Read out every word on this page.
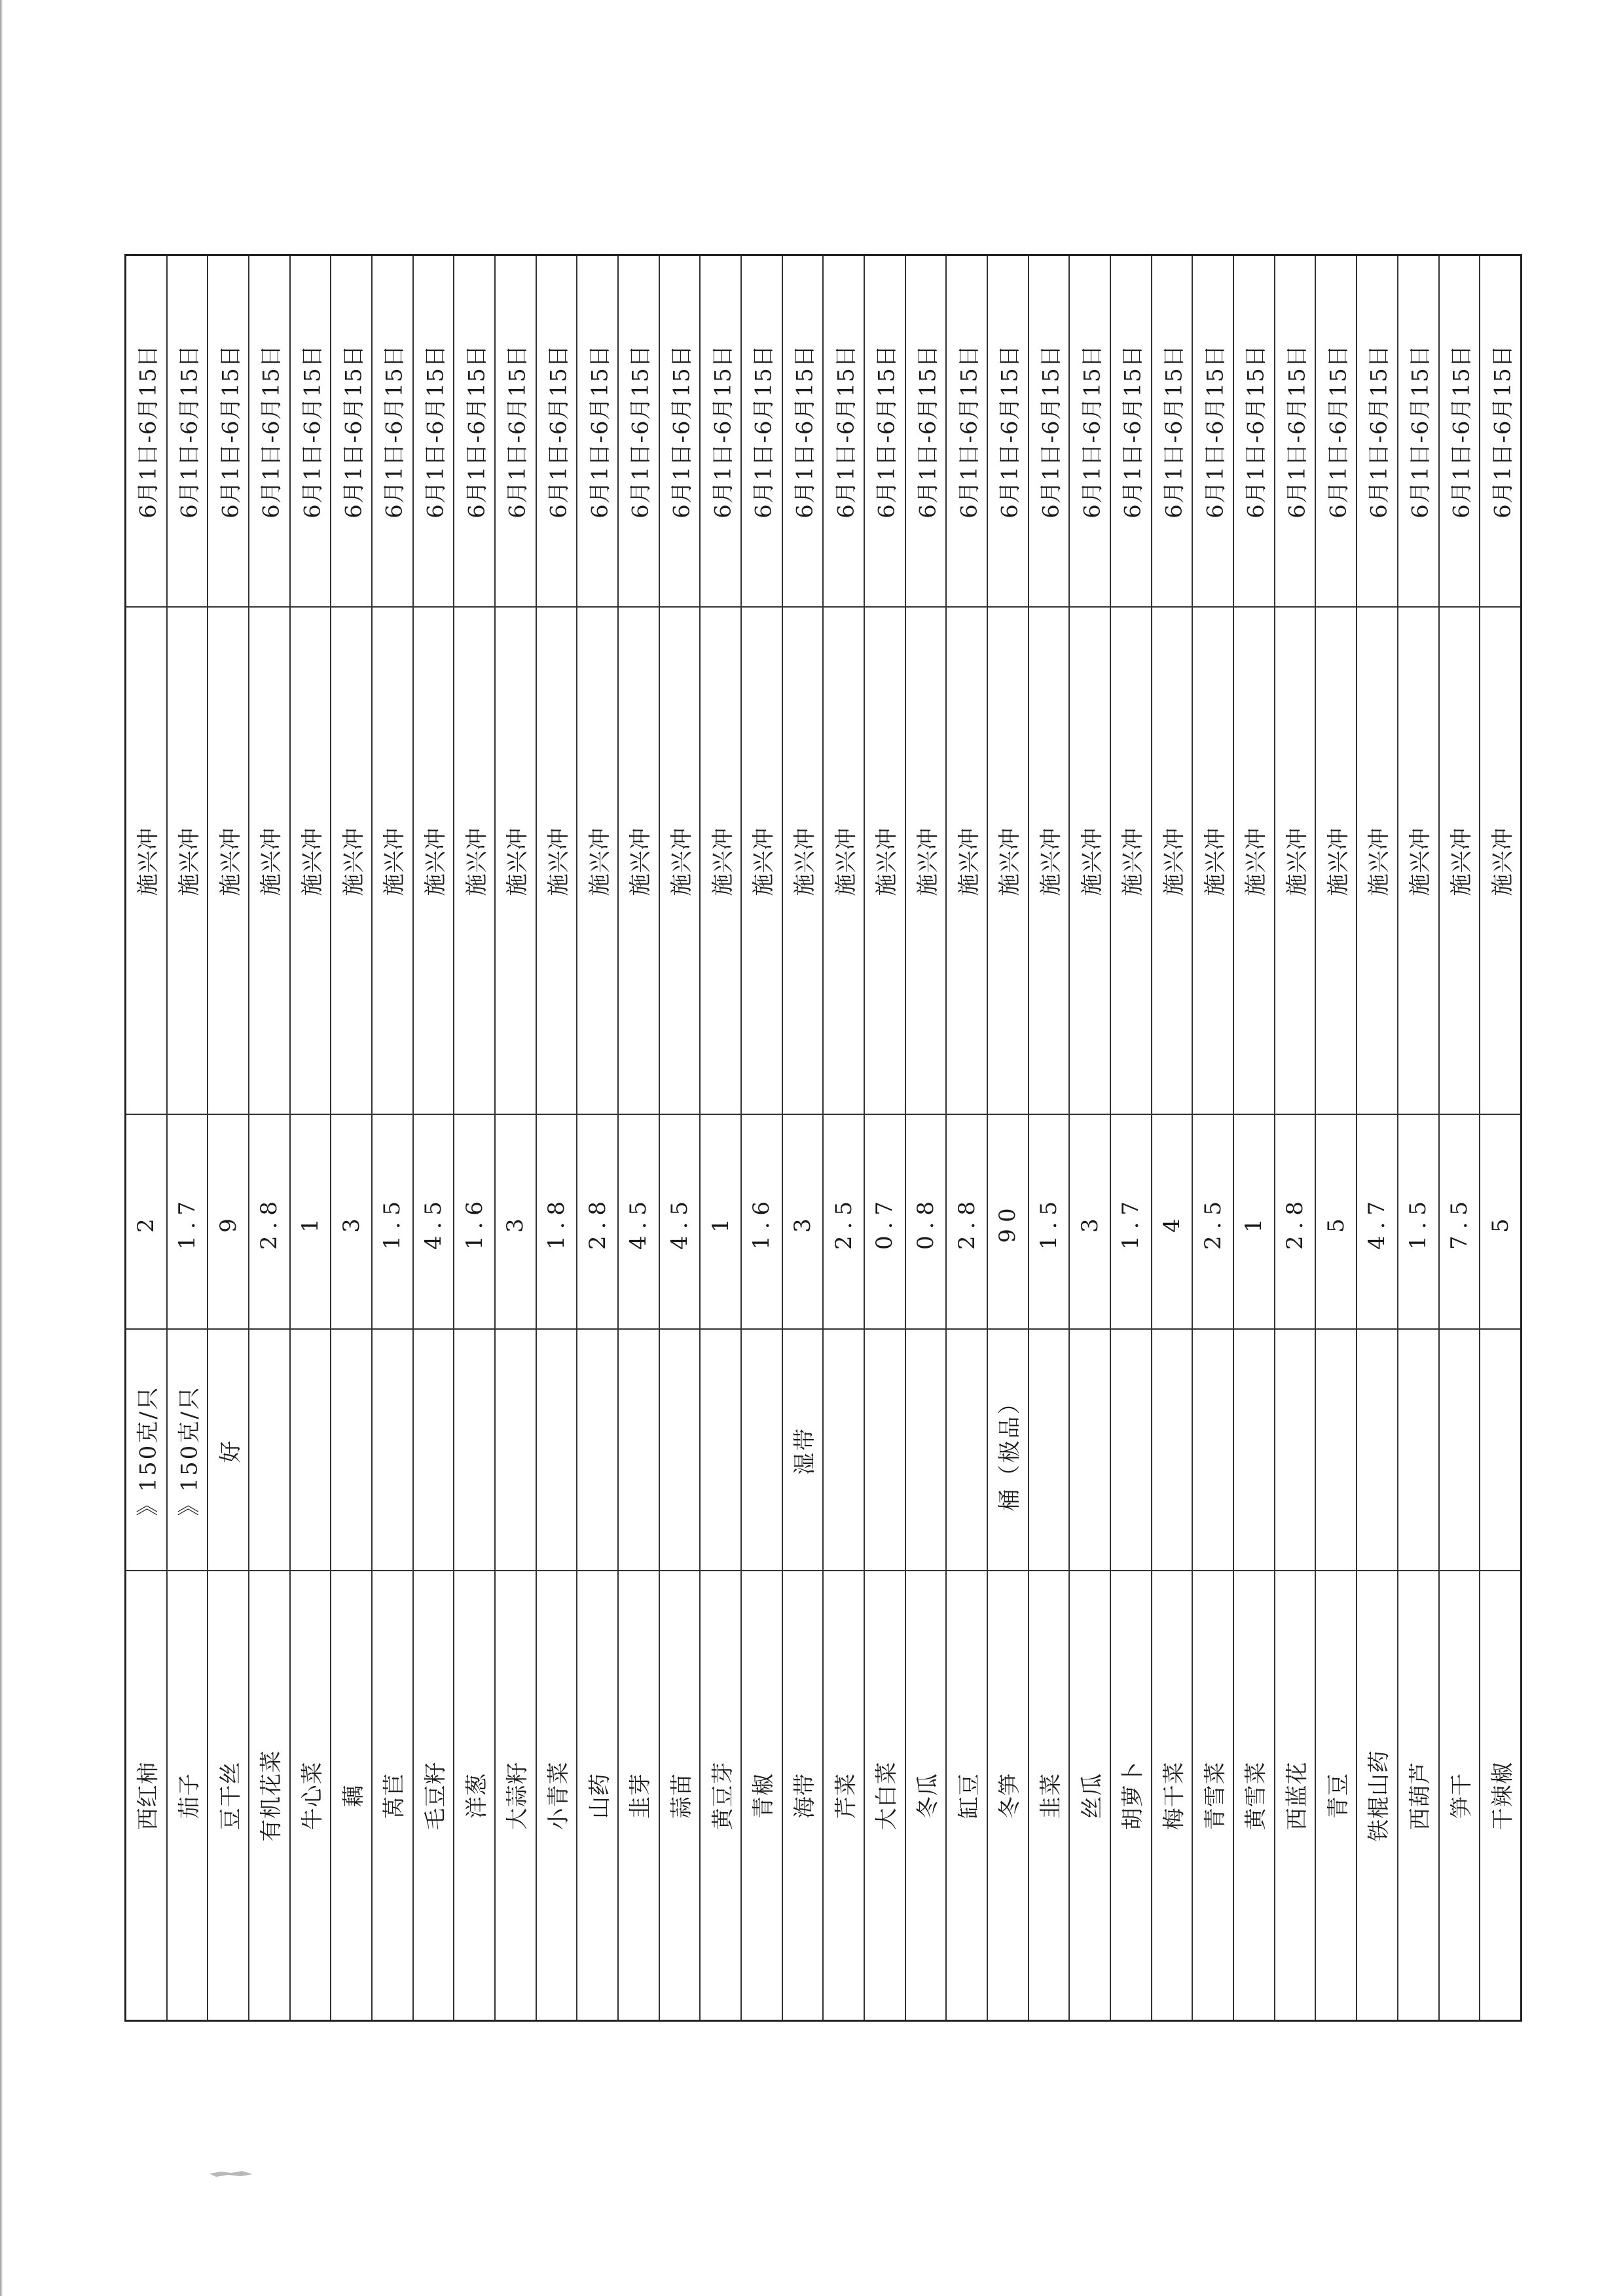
6月1日-6月15日
施兴冲
2
》150克/只
西红柿
6月1日-6月15日
施兴冲
1.7
》150克/只
茄子
6月1日-6月15日
施兴冲
9
好
豆干丝
6月1日-6月15日
施兴冲
2.8
有机花菜
6月1日-6月15日
施兴冲
1
牛心菜
6月1日-6月15日
施兴冲
3
藕
6月1日-6月15日
施兴冲
1.5
莴苣
6月1日-6月15日
施兴冲
4.5
毛豆籽
6月1日-6月15日
施兴冲
1.6
洋葱
6月1日-6月15日
施兴冲
3
大蒜籽
6月1日-6月15日
施兴冲
1.8
小青菜
6月1日-6月15日
施兴冲
2.8
山药
6月1日-6月15日
施兴冲
4.5
韭芽
6月1日-6月15日
施兴冲
4.5
蒜苗
6月1日-6月15日
施兴冲
1
黄豆芽
6月1日-6月15日
施兴冲
1.6
青椒
6月1日-6月15日
施兴冲
3
湿带
海带
6月1日-6月15日
施兴冲
2.5
芹菜
6月1日-6月15日
施兴冲
0.7
大白菜
6月1日-6月15日
施兴冲
0.8
冬瓜
6月1日-6月15日
施兴冲
2.8
缸豆
6月1日-6月15日
施兴冲
90
桶（极品）
冬笋
6月1日-6月15日
施兴冲
1.5
韭菜
6月1日-6月15日
施兴冲
3
丝瓜
6月1日-6月15日
施兴冲
1.7
胡萝卜
6月1日-6月15日
施兴冲
4
梅干菜
6月1日-6月15日
施兴冲
2.5
青雪菜
6月1日-6月15日
施兴冲
1
黄雪菜
6月1日-6月15日
施兴冲
2.8
西蓝花
6月1日-6月15日
施兴冲
5
青豆
6月1日-6月15日
施兴冲
4.7
铁棍山药
6月1日-6月15日
施兴冲
1.5
西葫芦
6月1日-6月15日
施兴冲
7.5
笋干
6月1日-6月15日
施兴冲
5
干辣椒
